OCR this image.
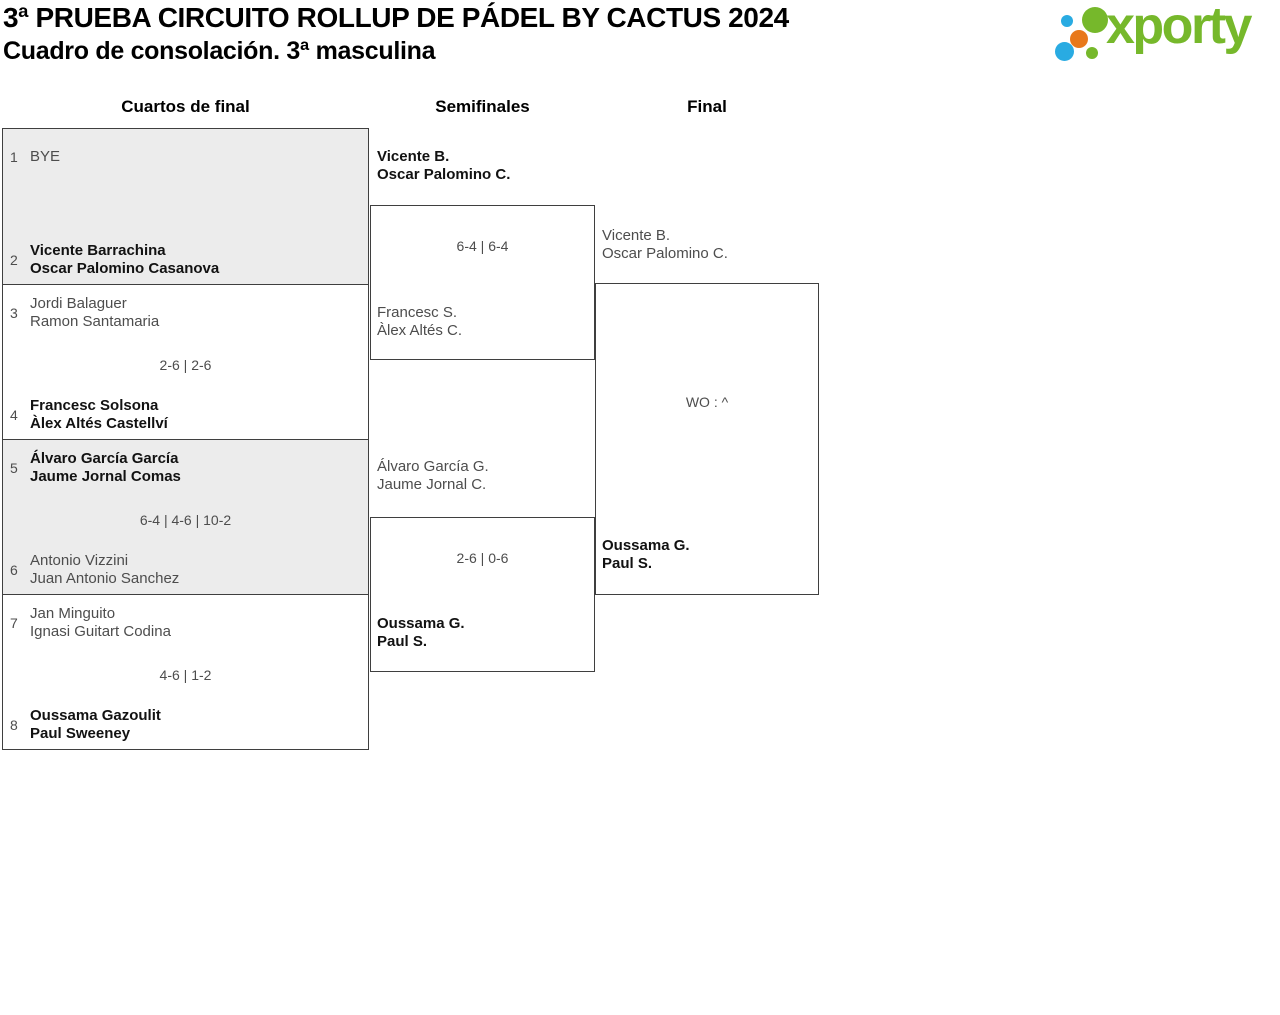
3ª PRUEBA CIRCUITO ROLLUP DE PÁDEL BY CACTUS 2024
Cuadro de consolación. 3ª masculina	xporty
Cuartos de final	Semifinales	Final
1 BYE
2
Vicente Barrachina
Oscar Palomino Casanova
3
Jordi Balaguer
Ramon Santamaria
2-6 | 2-6
4
Francesc Solsona
Àlex Altés Castellví
5
Álvaro García García
Jaume Jornal Comas
6-4 | 4-6 | 10-2
6
Antonio Vizzini
Juan Antonio Sanchez
7
Jan Minguito
Ignasi Guitart Codina
4-6 | 1-2
8
Oussama Gazoulit
Paul Sweeney
Vicente B.
Oscar Palomino C.
6-4 | 6-4
Francesc S.
Àlex Altés C.
Álvaro García G.
Jaume Jornal C.
2-6 | 0-6
Oussama G.
Paul S.
Vicente B.
Oscar Palomino C.
WO : ^
Oussama G.
Paul S.
